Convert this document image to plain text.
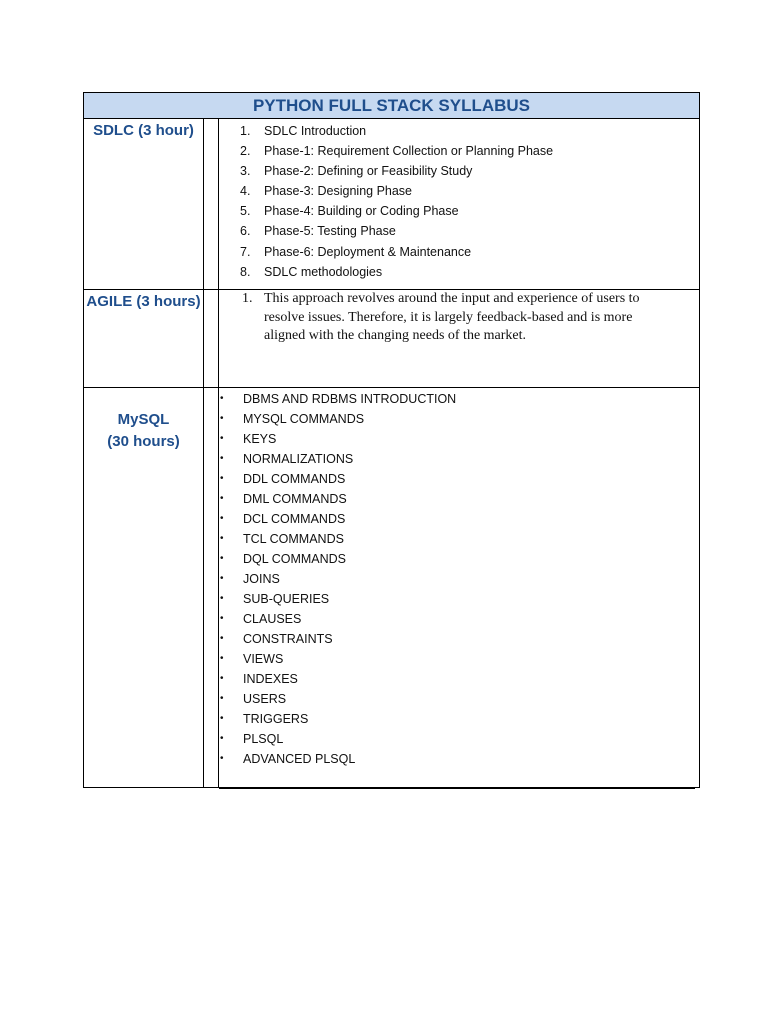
PYTHON FULL STACK SYLLABUS
SDLC (3 hour)	1. SDLC Introduction
2. Phase-1: Requirement Collection or Planning Phase
3. Phase-2: Defining or Feasibility Study
4. Phase-3: Designing Phase
5. Phase-4: Building or Coding Phase
6. Phase-5: Testing Phase
7. Phase-6: Deployment & Maintenance
8. SDLC methodologies
AGILE (3 hours)	1. This approach revolves around the input and experience of users to resolve issues. Therefore, it is largely feedback-based and is more aligned with the changing needs of the market.
MySQL
(30 hours)
• DBMS AND RDBMS INTRODUCTION
• MYSQL COMMANDS
• KEYS
• NORMALIZATIONS
• DDL COMMANDS
• DML COMMANDS
• DCL COMMANDS
• TCL COMMANDS
• DQL COMMANDS
• JOINS
• SUB-QUERIES
• CLAUSES
• CONSTRAINTS
• VIEWS
• INDEXES
• USERS
• TRIGGERS
• PLSQL
• ADVANCED PLSQL
